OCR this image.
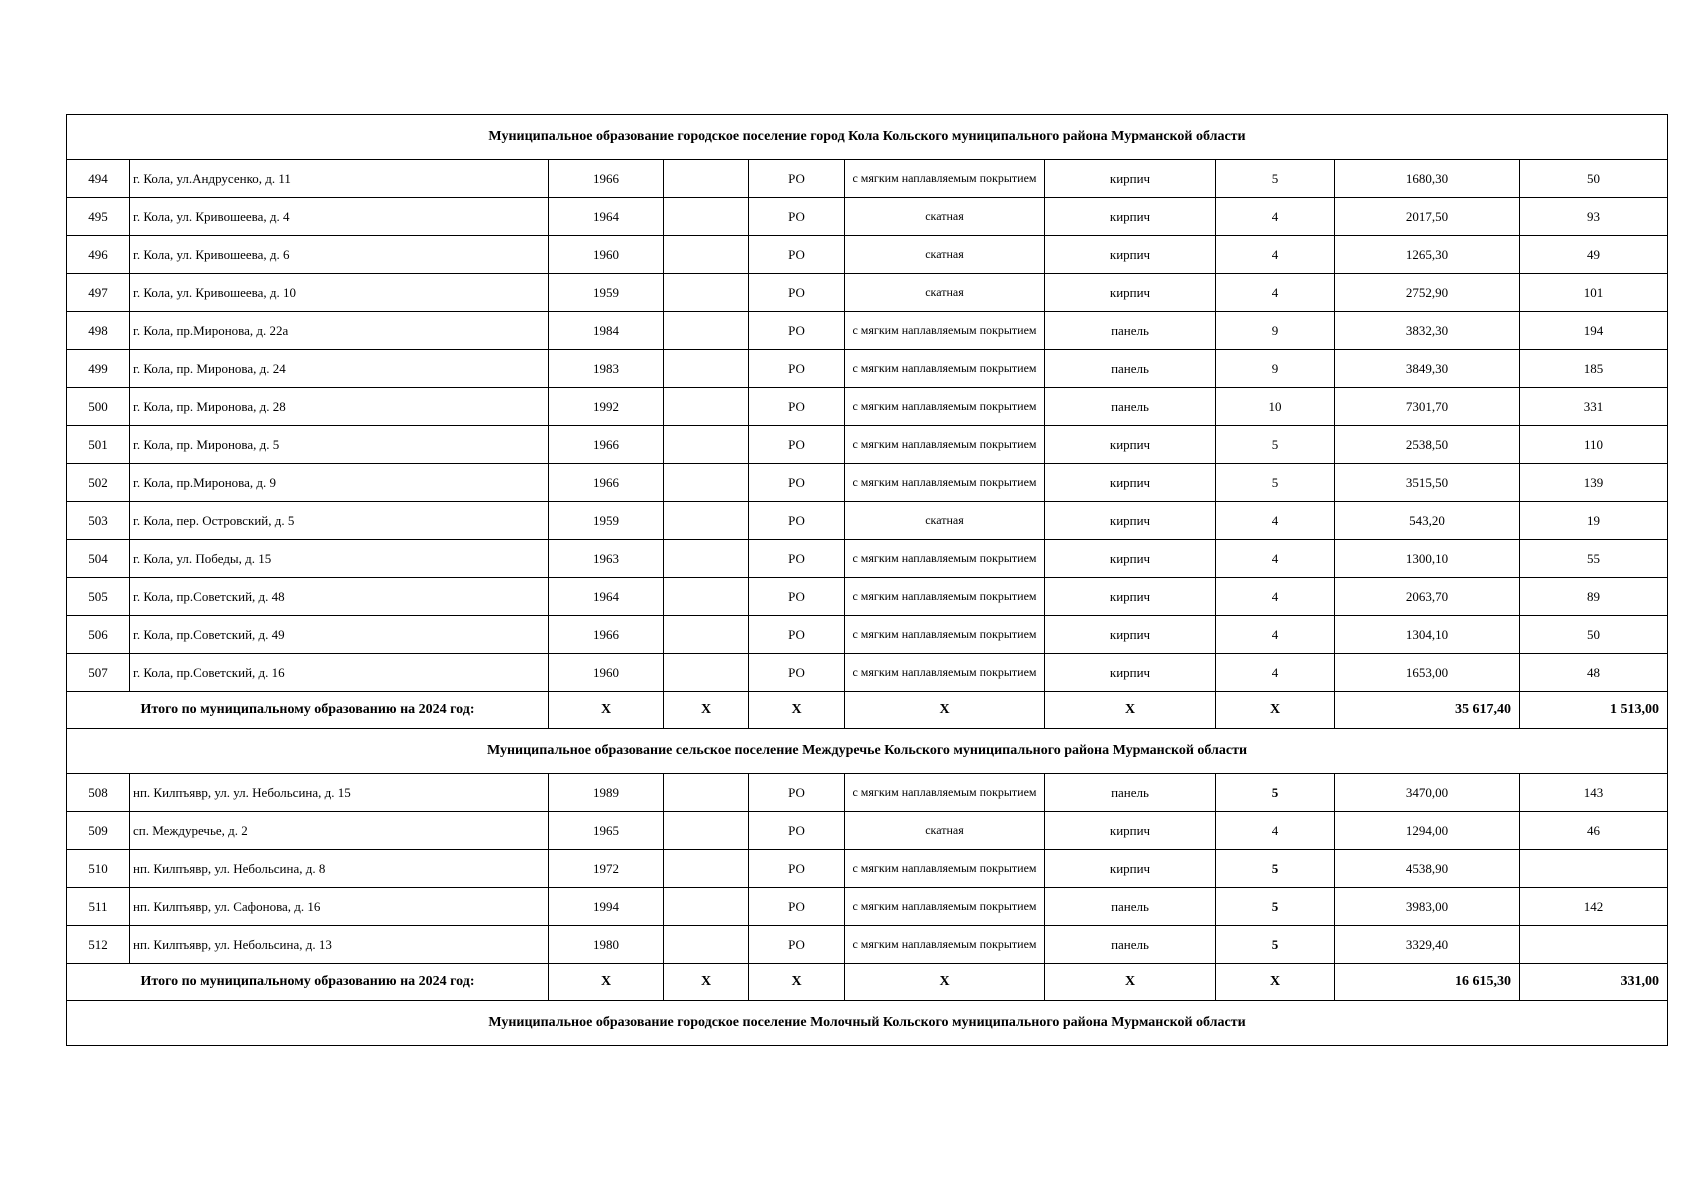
Муниципальное образование городское поселение город Кола Кольского муниципального района Мурманской области									
494	г. Кола, ул.Андрусенко, д. 11	1966		РО	с мягким наплавляемым покрытием	кирпич	5	1680,30	50
495	г. Кола, ул. Кривошеева, д. 4	1964		РО	скатная	кирпич	4	2017,50	93
496	г. Кола, ул. Кривошеева, д. 6	1960		РО	скатная	кирпич	4	1265,30	49
497	г. Кола, ул. Кривошеева, д. 10	1959		РО	скатная	кирпич	4	2752,90	101
498	г. Кола, пр.Миронова, д. 22а	1984		РО	с мягким наплавляемым покрытием	панель	9	3832,30	194
499	г. Кола, пр. Миронова, д. 24	1983		РО	с мягким наплавляемым покрытием	панель	9	3849,30	185
500	г. Кола, пр. Миронова, д. 28	1992		РО	с мягким наплавляемым покрытием	панель	10	7301,70	331
501	г. Кола, пр. Миронова, д. 5	1966		РО	с мягким наплавляемым покрытием	кирпич	5	2538,50	110
502	г. Кола, пр.Миронова, д. 9	1966		РО	с мягким наплавляемым покрытием	кирпич	5	3515,50	139
503	г. Кола, пер. Островский, д. 5	1959		РО	скатная	кирпич	4	543,20	19
504	г. Кола, ул. Победы, д. 15	1963		РО	с мягким наплавляемым покрытием	кирпич	4	1300,10	55
505	г. Кола, пр.Советский, д. 48	1964		РО	с мягким наплавляемым покрытием	кирпич	4	2063,70	89
506	г. Кола, пр.Советский, д. 49	1966		РО	с мягким наплавляемым покрытием	кирпич	4	1304,10	50
507	г. Кола, пр.Советский, д. 16	1960		РО	с мягким наплавляемым покрытием	кирпич	4	1653,00	48
Итого по муниципальному образованию на 2024 год:		X	X	X	X	X	X	35 617,40	1 513,00
Муниципальное образование сельское поселение Междуречье Кольского муниципального района Мурманской области									
508	нп. Килпъявр, ул. ул. Небольсина, д. 15	1989		РО	с мягким наплавляемым покрытием	панель	5	3470,00	143
509	сп. Междуречье, д. 2	1965		РО	скатная	кирпич	4	1294,00	46
510	нп. Килпъявр, ул. Небольсина, д. 8	1972		РО	с мягким наплавляемым покрытием	кирпич	5	4538,90	
511	нп. Килпъявр, ул. Сафонова, д. 16	1994		РО	с мягким наплавляемым покрытием	панель	5	3983,00	142
512	нп. Килпъявр, ул. Небольсина, д. 13	1980		РО	с мягким наплавляемым покрытием	панель	5	3329,40	
Итого по муниципальному образованию на 2024 год:		X	X	X	X	X	X	16 615,30	331,00
Муниципальное образование городское поселение Молочный Кольского муниципального района Мурманской области									
